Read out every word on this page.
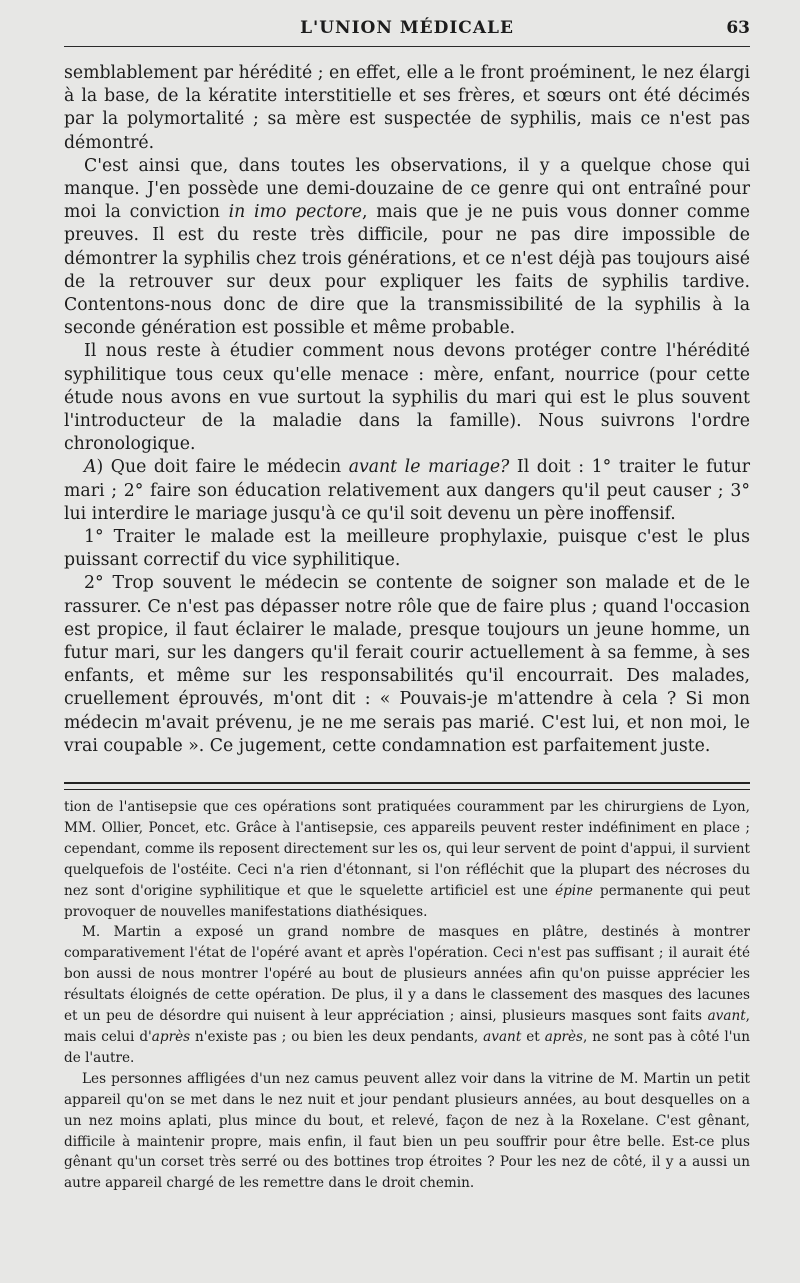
L'UNION MÉDICALE	63

semblablement par hérédité ; en effet, elle a le front proéminent, le nez élargi à la base, de la kératite interstitielle et ses frères, et sœurs ont été décimés par la polymortalité ; sa mère est suspectée de syphilis, mais ce n'est pas démontré.

C'est ainsi que, dans toutes les observations, il y a quelque chose qui manque. J'en possède une demi-douzaine de ce genre qui ont entraîné pour moi la conviction in imo pectore, mais que je ne puis vous donner comme preuves. Il est du reste très difficile, pour ne pas dire impossible de démontrer la syphilis chez trois générations, et ce n'est déjà pas toujours aisé de la retrouver sur deux pour expliquer les faits de syphilis tardive. Contentons-nous donc de dire que la transmissibilité de la syphilis à la seconde génération est possible et même probable.

Il nous reste à étudier comment nous devons protéger contre l'hérédité syphilitique tous ceux qu'elle menace : mère, enfant, nourrice (pour cette étude nous avons en vue surtout la syphilis du mari qui est le plus souvent l'introducteur de la maladie dans la famille). Nous suivrons l'ordre chronologique.

A) Que doit faire le médecin avant le mariage? Il doit : 1° traiter le futur mari ; 2° faire son éducation relativement aux dangers qu'il peut causer ; 3° lui interdire le mariage jusqu'à ce qu'il soit devenu un père inoffensif.

1° Traiter le malade est la meilleure prophylaxie, puisque c'est le plus puissant correctif du vice syphilitique.

2° Trop souvent le médecin se contente de soigner son malade et de le rassurer. Ce n'est pas dépasser notre rôle que de faire plus ; quand l'occasion est propice, il faut éclairer le malade, presque toujours un jeune homme, un futur mari, sur les dangers qu'il ferait courir actuellement à sa femme, à ses enfants, et même sur les responsabilités qu'il encourrait. Des malades, cruellement éprouvés, m'ont dit : « Pouvais-je m'attendre à cela ? Si mon médecin m'avait prévenu, je ne me serais pas marié. C'est lui, et non moi, le vrai coupable ». Ce jugement, cette condamnation est parfaitement juste.

tion de l'antisepsie que ces opérations sont pratiquées couramment par les chirurgiens de Lyon, MM. Ollier, Poncet, etc. Grâce à l'antisepsie, ces appareils peuvent rester indéfiniment en place ; cependant, comme ils reposent directement sur les os, qui leur servent de point d'appui, il survient quelquefois de l'ostéite. Ceci n'a rien d'étonnant, si l'on réfléchit que la plupart des nécroses du nez sont d'origine syphilitique et que le squelette artificiel est une épine permanente qui peut provoquer de nouvelles manifestations diathésiques.

M. Martin a exposé un grand nombre de masques en plâtre, destinés à montrer comparativement l'état de l'opéré avant et après l'opération. Ceci n'est pas suffisant ; il aurait été bon aussi de nous montrer l'opéré au bout de plusieurs années afin qu'on puisse apprécier les résultats éloignés de cette opération. De plus, il y a dans le classement des masques des lacunes et un peu de désordre qui nuisent à leur appréciation ; ainsi, plusieurs masques sont faits avant, mais celui d'après n'existe pas ; ou bien les deux pendants, avant et après, ne sont pas à côté l'un de l'autre.

Les personnes affligées d'un nez camus peuvent allez voir dans la vitrine de M. Martin un petit appareil qu'on se met dans le nez nuit et jour pendant plusieurs années, au bout desquelles on a un nez moins aplati, plus mince du bout, et relevé, façon de nez à la Roxelane. C'est gênant, difficile à maintenir propre, mais enfin, il faut bien un peu souffrir pour être belle. Est-ce plus gênant qu'un corset très serré ou des bottines trop étroites ? Pour les nez de côté, il y a aussi un autre appareil chargé de les remettre dans le droit chemin.
